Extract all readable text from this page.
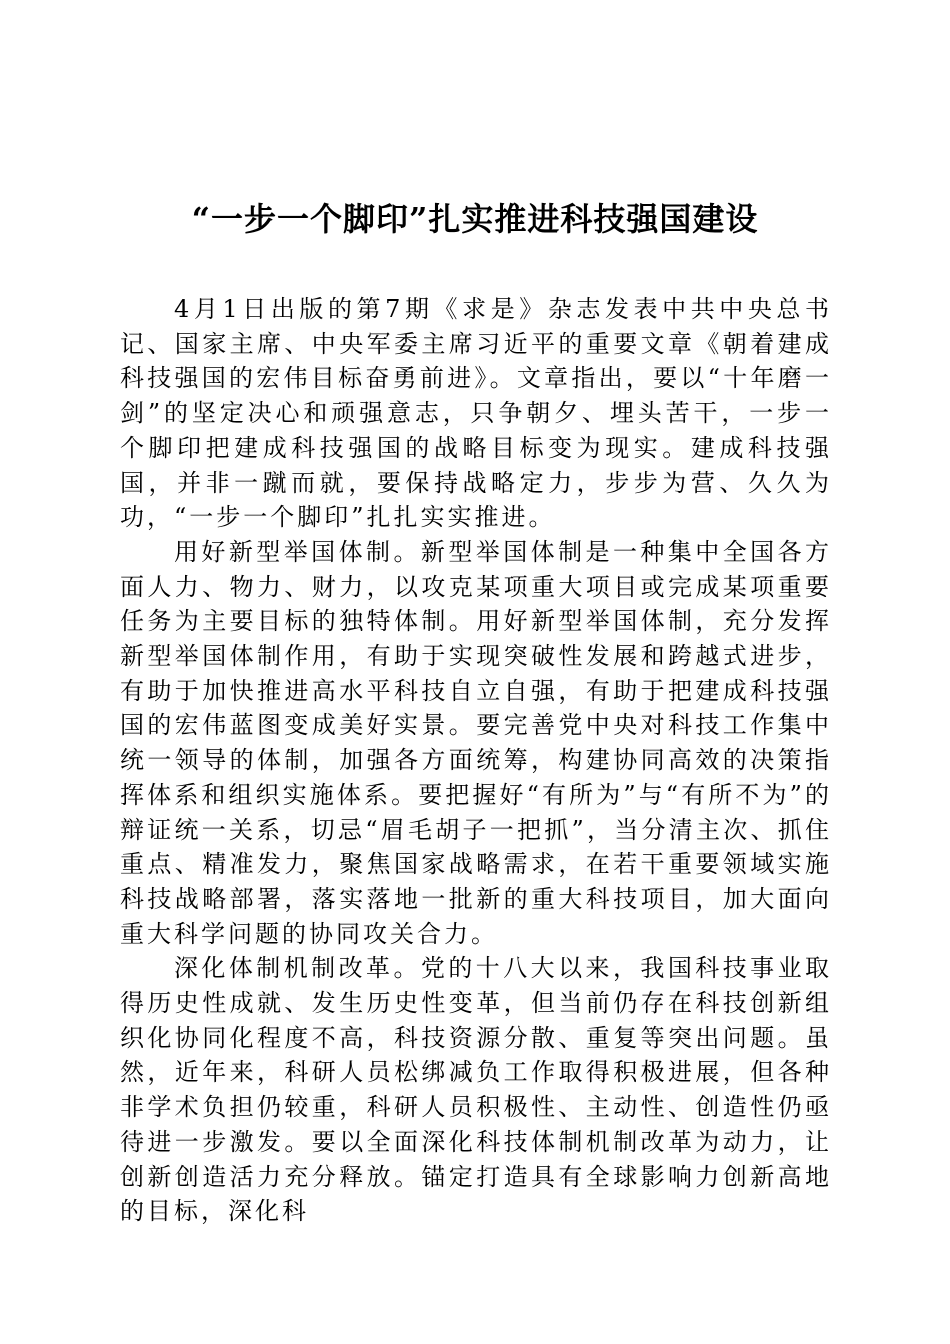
“一步一个脚印”扎实推进科技强国建设

4月1日出版的第7期《求是》杂志发表中共中央总书记、国家主席、中央军委主席习近平的重要文章《朝着建成科技强国的宏伟目标奋勇前进》。文章指出，要以“十年磨一剑”的坚定决心和顽强意志，只争朝夕、埋头苦干，一步一个脚印把建成科技强国的战略目标变为现实。建成科技强国，并非一蹴而就，要保持战略定力，步步为营、久久为功，“一步一个脚印”扎扎实实推进。

用好新型举国体制。新型举国体制是一种集中全国各方面人力、物力、财力，以攻克某项重大项目或完成某项重要任务为主要目标的独特体制。用好新型举国体制，充分发挥新型举国体制作用，有助于实现突破性发展和跨越式进步，有助于加快推进高水平科技自立自强，有助于把建成科技强国的宏伟蓝图变成美好实景。要完善党中央对科技工作集中统一领导的体制，加强各方面统筹，构建协同高效的决策指挥体系和组织实施体系。要把握好“有所为”与“有所不为”的辩证统一关系，切忌“眉毛胡子一把抓”，当分清主次、抓住重点、精准发力，聚焦国家战略需求，在若干重要领域实施科技战略部署，落实落地一批新的重大科技项目，加大面向重大科学问题的协同攻关合力。

深化体制机制改革。党的十八大以来，我国科技事业取得历史性成就、发生历史性变革，但当前仍存在科技创新组织化协同化程度不高，科技资源分散、重复等突出问题。虽然，近年来，科研人员松绑减负工作取得积极进展，但各种非学术负担仍较重，科研人员积极性、主动性、创造性仍亟待进一步激发。要以全面深化科技体制机制改革为动力，让创新创造活力充分释放。锚定打造具有全球影响力创新高地的目标，深化科
